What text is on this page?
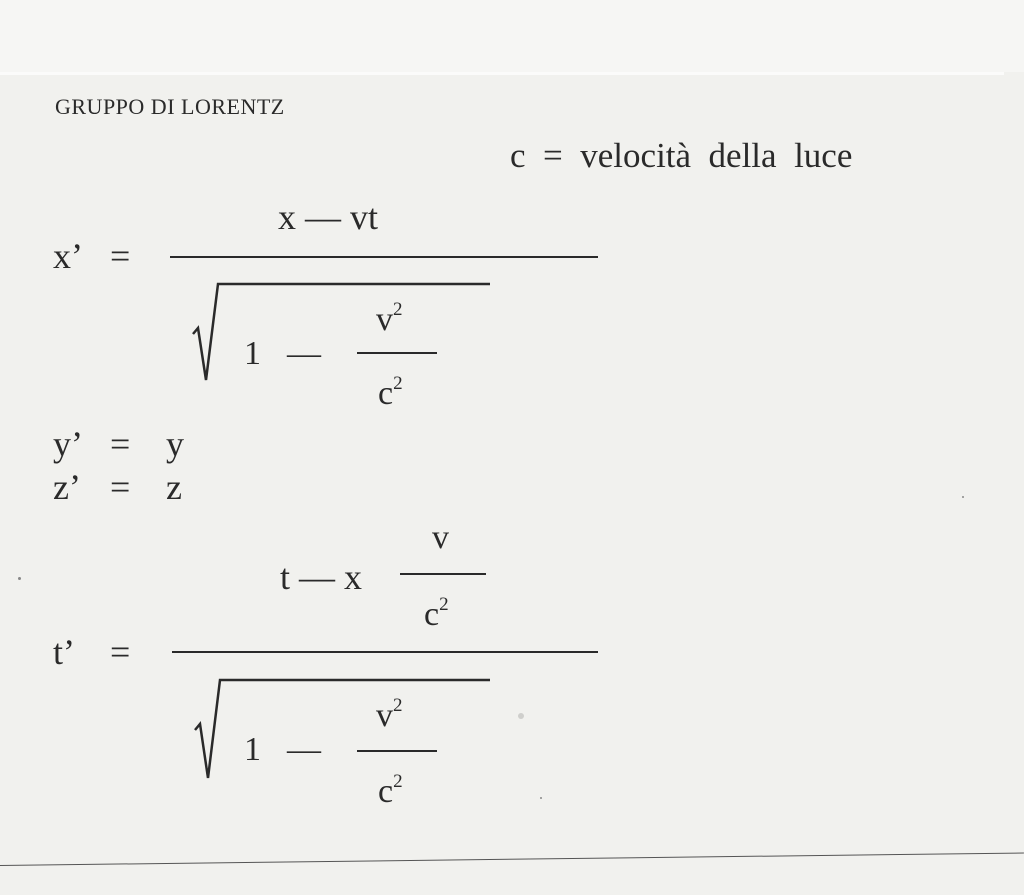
GRUPPO DI LORENTZ
c  =  velocità  della  luce
x’ =
x — vt
1 —
$v^2$
$c^2$
y’ = y
z’ = z
t’ =
t — x
v
$c^2$
1 —
$v^2$
$c^2$
